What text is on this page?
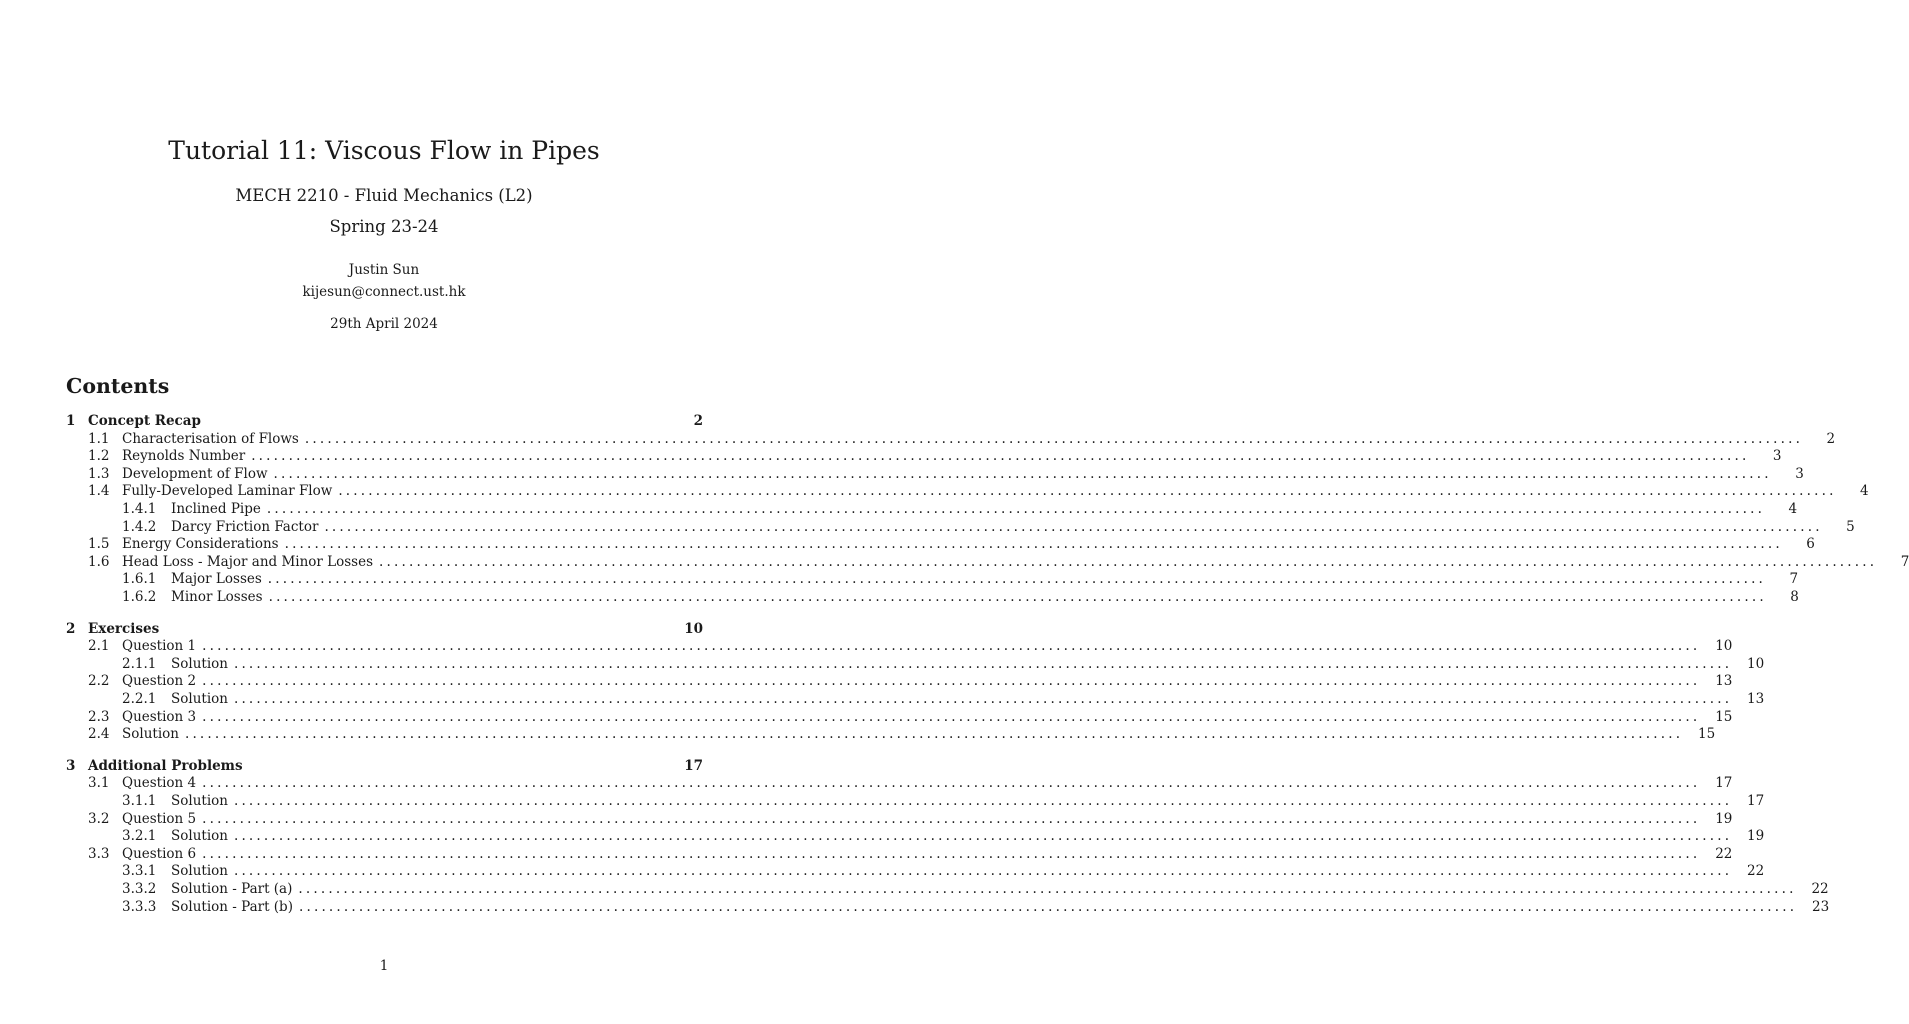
Tutorial 11: Viscous Flow in Pipes
MECH 2210 - Fluid Mechanics (L2)
Spring 23-24
Justin Sun
kijesun@connect.ust.hk
29th April 2024
Contents
1 Concept Recap	2
1.1 Characterisation of Flows ........................................................................................................................................................................................................	2
1.2 Reynolds Number ........................................................................................................................................................................................................	3
1.3 Development of Flow ........................................................................................................................................................................................................	3
1.4 Fully-Developed Laminar Flow ........................................................................................................................................................................................................	4
1.4.1 Inclined Pipe ........................................................................................................................................................................................................	4
1.4.2 Darcy Friction Factor ........................................................................................................................................................................................................	5
1.5 Energy Considerations ........................................................................................................................................................................................................	6
1.6 Head Loss - Major and Minor Losses ........................................................................................................................................................................................................	7
1.6.1 Major Losses ........................................................................................................................................................................................................	7
1.6.2 Minor Losses ........................................................................................................................................................................................................	8
2 Exercises	10
2.1 Question 1 ........................................................................................................................................................................................................ 10
2.1.1 Solution ........................................................................................................................................................................................................ 10
2.2 Question 2 ........................................................................................................................................................................................................ 13
2.2.1 Solution ........................................................................................................................................................................................................ 13
2.3 Question 3 ........................................................................................................................................................................................................ 15
2.4 Solution ........................................................................................................................................................................................................ 15
3 Additional Problems	17
3.1 Question 4 ........................................................................................................................................................................................................ 17
3.1.1 Solution ........................................................................................................................................................................................................ 17
3.2 Question 5 ........................................................................................................................................................................................................ 19
3.2.1 Solution ........................................................................................................................................................................................................ 19
3.3 Question 6 ........................................................................................................................................................................................................ 22
3.3.1 Solution ........................................................................................................................................................................................................ 22
3.3.2 Solution - Part (a) ........................................................................................................................................................................................................ 22
3.3.3 Solution - Part (b) ........................................................................................................................................................................................................ 23
1
